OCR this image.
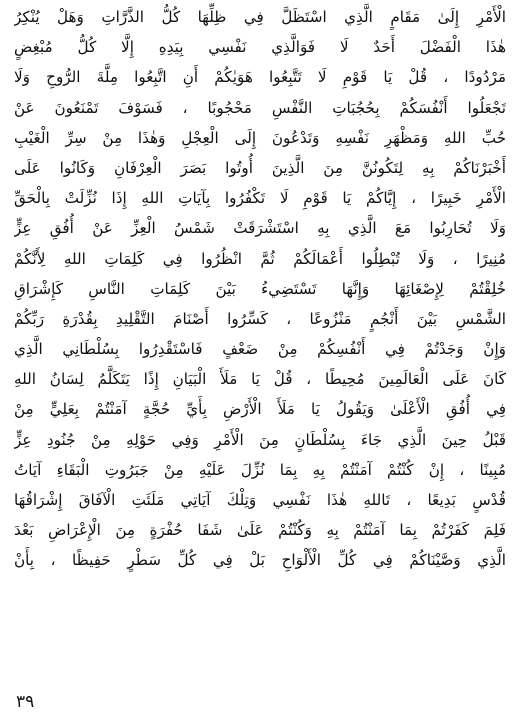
الْأَمْرِ إِلَىٰ مَقَامٍ الَّذِي اسْتَظَلَّ فِي ظِلِّهَا كُلُّ الذَّرَّاتِ وَهَلْ يُنْكِرُ
هٰذَا الْفَضْلَ أَحَدٌ لَا فَوَالَّذِي نَفْسِي بِيَدِهِ إِلَّا كُلُّ مُبْغِضٍ
مَرْدُودًا ، قُلْ يَا قَوْمِ لَا تَتَّبِعُوا هَوَيٰكُمْ أَنِ اتَّبِعُوا مِلَّةَ الرُّوحِ وَلَا
تَجْعَلُوا أَنْفُسَكُمْ بِحُجُبَاتِ النَّفْسِ مَحْجُوبًا ، فَسَوْفَ تَمْنَعُونَ عَنْ
حُبِّ اللهِ وَمَظْهَرِ نَفْسِهِ وَتَدْعُونَ إِلَى الْعِجْلِ وَهٰذَا مِنْ سِرِّ الْغَيْبِ
أَخْبَرْنَاكُمْ بِهِ لِتَكُونُنَّ مِنَ الَّذِينَ أُوتُوا بَصَرَ الْعِرْفَانِ وَكَانُوا عَلَى
الْأَمْرِ خَبِيرًا ، إِيَّاكُمْ يَا قَوْمِ لَا تَكْفُرُوا بِآيَاتِ اللهِ إِذَا نُزِّلَتْ بِالْحَقِّ
وَلَا تُحَارِبُوا مَعَ الَّذِي بِهِ اسْتَشْرَقَتْ شَمْسُ الْعِزِّ عَنْ أُفُقِ عِزٍّ
مُنِيرًا ، وَلَا تُبْطِلُوا أَعْمَالَكُمْ ثُمَّ انْظُرُوا فِي كَلِمَاتِ اللهِ لِأَنَّكُمْ
خُلِقْتُمْ لِإِصْغَائِهَا وَإِنَّهَا تَسْتَضِيءُ بَيْنَ كَلِمَاتِ النَّاسِ كَإِشْرَاقِ
الشَّمْسِ بَيْنَ أَنْجُمٍ مَنْزُوعًا ، كَسِّرُوا أَصْنَامَ التَّقْلِيدِ بِقُدْرَةِ رَبِّكُمْ
وَإِنْ وَجَدْتُمْ فِي أَنْفُسِكُمْ مِنْ ضَعْفٍ فَاسْتَقْدِرُوا بِسُلْطَانِي الَّذِي
كَانَ عَلَى الْعَالَمِينَ مُحِيطًا ، قُلْ يَا مَلَأَ الْبَيَانِ إِذًا يَتَكَلَّمُ لِسَانُ اللهِ
فِي أُفُقِ الْأَعْلَىٰ وَيَقُولُ يَا مَلَأَ الْأَرْضِ بِأَيِّ حُجَّةٍ آمَنْتُمْ بِعَلِيٍّ مِنْ
قَبْلُ حِينَ الَّذِي جَاءَ بِسُلْطَانٍ مِنَ الْأَمْرِ وَفِي حَوْلِهِ مِنْ جُنُودِ عِزٍّ
مُبِينًا ، إِنْ كُنْتُمْ آمَنْتُمْ بِهِ بِمَا نُزِّلَ عَلَيْهِ مِنْ جَبَرُوتِ الْبَقَاءِ آيَاتُ
قُدْسٍ بَدِيعًا ، تَاللهِ هٰذَا نَفْسِي وَتِلْكَ آيَاتِي مَلَئَتِ الْآفَاقَ إِشْرَاقُهَا
فَلِمَ كَفَرْتُمْ بِمَا آمَنْتُمْ بِهِ وَكُنْتُمْ عَلَىٰ شَفَا حُفْرَةٍ مِنَ الْإِعْرَاضِ بَعْدَ
الَّذِي وَصَّيْنَاكُمْ فِي كُلِّ الْأَلْوَاحِ بَلْ فِي كُلِّ سَطْرٍ حَفِيظًا ، بِأَنْ
٣٩
